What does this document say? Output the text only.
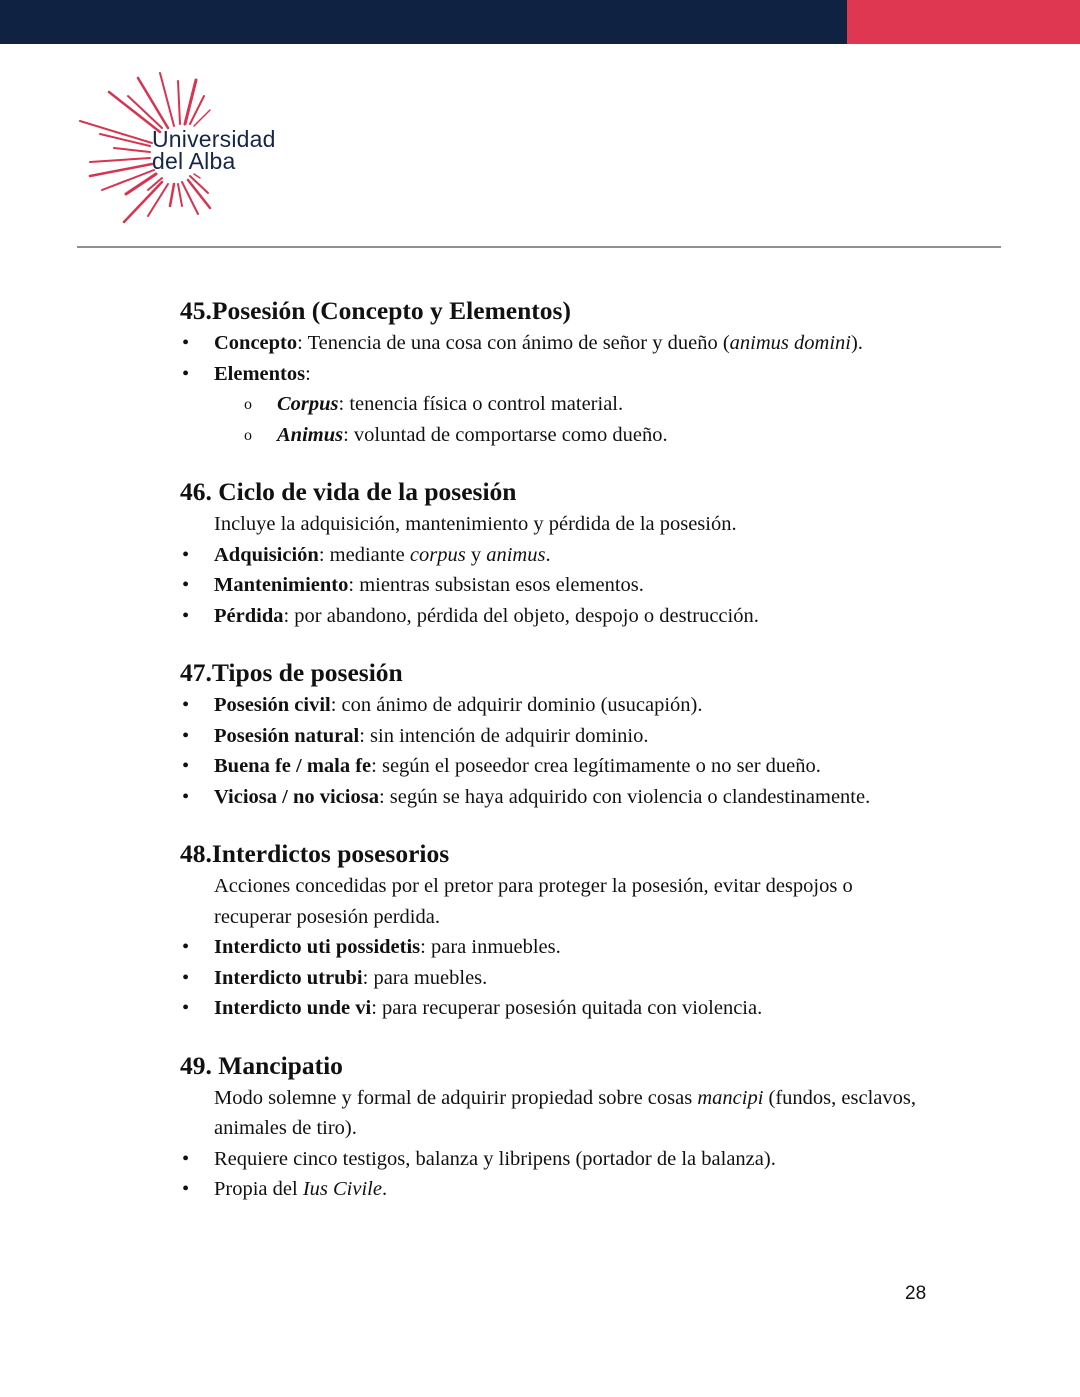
Universidad
del Alba
45.Posesión (Concepto y Elementos)
• Concepto: Tenencia de una cosa con ánimo de señor y dueño (animus domini).
• Elementos:
o Corpus: tenencia física o control material.
o Animus: voluntad de comportarse como dueño.
46. Ciclo de vida de la posesión
Incluye la adquisición, mantenimiento y pérdida de la posesión.
• Adquisición: mediante corpus y animus.
• Mantenimiento: mientras subsistan esos elementos.
• Pérdida: por abandono, pérdida del objeto, despojo o destrucción.
47.Tipos de posesión
• Posesión civil: con ánimo de adquirir dominio (usucapión).
• Posesión natural: sin intención de adquirir dominio.
• Buena fe / mala fe: según el poseedor crea legítimamente o no ser dueño.
• Viciosa / no viciosa: según se haya adquirido con violencia o clandestinamente.
48.Interdictos posesorios
Acciones concedidas por el pretor para proteger la posesión, evitar despojos o recuperar posesión perdida.
• Interdicto uti possidetis: para inmuebles.
• Interdicto utrubi: para muebles.
• Interdicto unde vi: para recuperar posesión quitada con violencia.
49. Mancipatio
Modo solemne y formal de adquirir propiedad sobre cosas mancipi (fundos, esclavos, animales de tiro).
• Requiere cinco testigos, balanza y libripens (portador de la balanza).
• Propia del Ius Civile.
28
